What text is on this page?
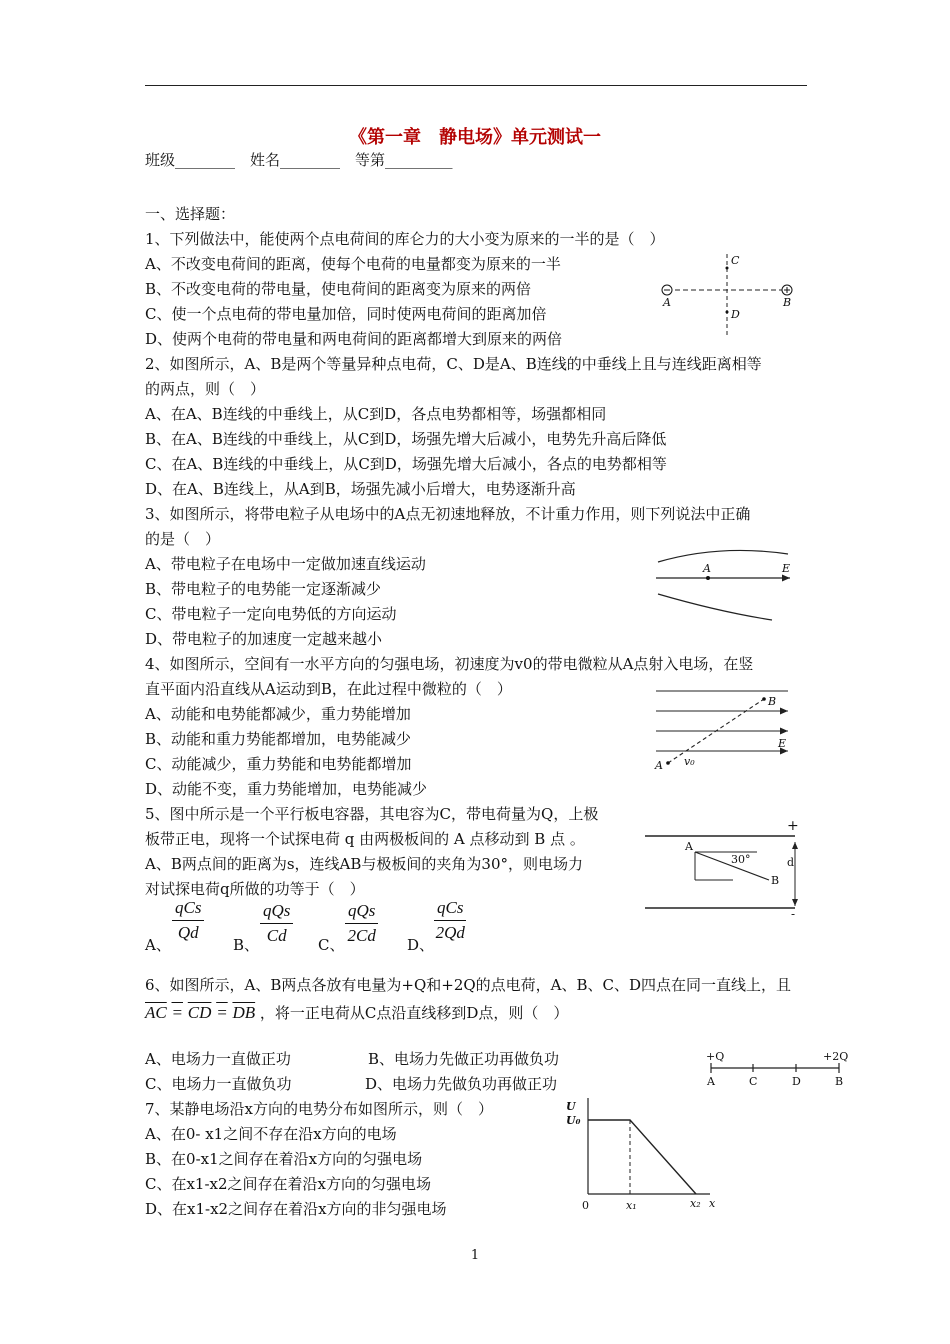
《第一章　静电场》单元测试一
班级________　姓名________　等第_________
一、选择题：
1、下列做法中，能使两个点电荷间的库仑力的大小变为原来的一半的是（　）
A、不改变电荷间的距离，使每个电荷的电量都变为原来的一半
B、不改变电荷的带电量，使电荷间的距离变为原来的两倍
C、使一个点电荷的带电量加倍，同时使两电荷间的距离加倍
D、使两个电荷的带电量和两电荷间的距离都增大到原来的两倍
A	B
C
D
2、如图所示，A、B是两个等量异种点电荷，C、D是A、B连线的中垂线上且与连线距离相等
的两点，则（　）
A、在A、B连线的中垂线上，从C到D，各点电势都相等，场强都相同
B、在A、B连线的中垂线上，从C到D，场强先增大后减小，电势先升高后降低
C、在A、B连线的中垂线上，从C到D，场强先增大后减小，各点的电势都相等
D、在A、B连线上，从A到B，场强先减小后增大，电势逐渐升高
3、如图所示，将带电粒子从电场中的A点无初速地释放，不计重力作用，则下列说法中正确
的是（　）
A、带电粒子在电场中一定做加速直线运动
B、带电粒子的电势能一定逐渐减少
C、带电粒子一定向电势低的方向运动
D、带电粒子的加速度一定越来越小
A	E
4、如图所示，空间有一水平方向的匀强电场，初速度为v0的带电微粒从A点射入电场，在竖
直平面内沿直线从A运动到B，在此过程中微粒的（　）
A、动能和电势能都减少，重力势能增加
B、动能和重力势能都增加，电势能减少
C、动能减少，重力势能和电势能都增加
D、动能不变，重力势能增加，电势能减少
A
B
E
v₀
5、图中所示是一个平行板电容器，其电容为C，带电荷量为Q，上极
板带正电，现将一个试探电荷 q 由两极板间的 A 点移动到 B 点 。
A、B两点间的距离为s，连线AB与极板间的夹角为30°，则电场力
对试探电荷q所做的功等于（　）
+
-
d
A
B
30°
A、
qCs
Qd
B、
qQs
Cd	C、
qQs
2Cd D、
qCs
2Qd
6、如图所示，A、B两点各放有电量为+Q和+2Q的点电荷，A、B、C、D四点在同一直线上，且
$\overline{AC} = \overline{CD} = \overline{DB}$ ，将一正电荷从C点沿直线移到D点，则（　）
A、电场力一直做正功	B、电场力先做正功再做负功
C、电场力一直做负功	D、电场力先做负功再做正功
+Q	+2Q
A	C	D	B
7、某静电场沿x方向的电势分布如图所示，则（　）
A、在0- x1之间不存在沿x方向的电场
B、在0-x1之间存在着沿x方向的匀强电场
C、在x1-x2之间存在着沿x方向的匀强电场
D、在x1-x2之间存在着沿x方向的非匀强电场
U
U₀
0	x₁	x₂ x
1
